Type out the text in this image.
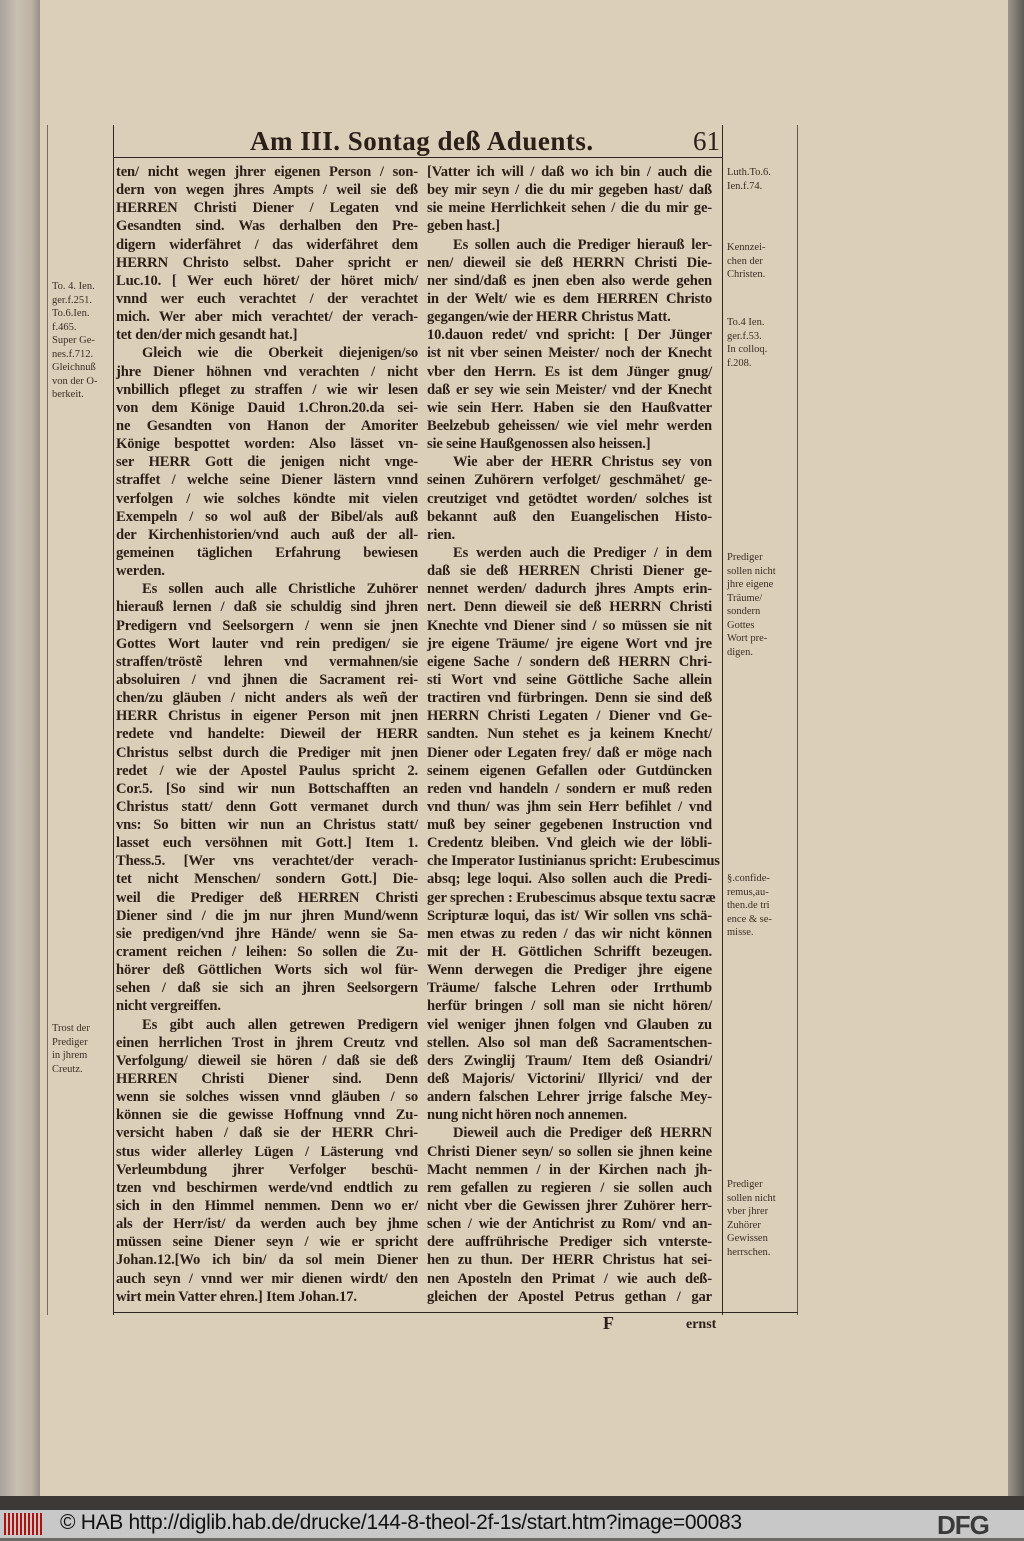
Am III. Sontag deß Aduents.	61
ten/ nicht wegen jhrer eigenen Person / son-
dern von wegen jhres Ampts / weil sie deß
HERREN Christi Diener / Legaten vnd
Gesandten sind. Was derhalben den Pre-
digern widerfähret / das widerfähret dem
HERRN Christo selbst. Daher spricht er
Luc.10. [ Wer euch höret/ der höret mich/
vnnd wer euch verachtet / der verachtet
mich. Wer aber mich verachtet/ der verach-
tet den/der mich gesandt hat.]
Gleich wie die Oberkeit diejenigen/so
jhre Diener höhnen vnd verachten / nicht
vnbillich pfleget zu straffen / wie wir lesen
von dem Könige Dauid 1.Chron.20.da sei-
ne Gesandten von Hanon der Amoriter
Könige bespottet worden: Also lässet vn-
ser HERR Gott die jenigen nicht vnge-
straffet / welche seine Diener lästern vnnd
verfolgen / wie solches köndte mit vielen
Exempeln / so wol auß der Bibel/als auß
der Kirchenhistorien/vnd auch auß der all-
gemeinen täglichen Erfahrung bewiesen
werden.
Es sollen auch alle Christliche Zuhörer
hierauß lernen / daß sie schuldig sind jhren
Predigern vnd Seelsorgern / wenn sie jnen
Gottes Wort lauter vnd rein predigen/ sie
straffen/tröstẽ lehren vnd vermahnen/sie
absoluiren / vnd jhnen die Sacrament rei-
chen/zu gläuben / nicht anders als weñ der
HERR Christus in eigener Person mit jnen
redete vnd handelte: Dieweil der HERR
Christus selbst durch die Prediger mit jnen
redet / wie der Apostel Paulus spricht 2.
Cor.5. [So sind wir nun Bottschafften an
Christus statt/ denn Gott vermanet durch
vns: So bitten wir nun an Christus statt/
lasset euch versöhnen mit Gott.] Item 1.
Thess.5. [Wer vns verachtet/der verach-
tet nicht Menschen/ sondern Gott.] Die-
weil die Prediger deß HERREN Christi
Diener sind / die jm nur jhren Mund/wenn
sie predigen/vnd jhre Hände/ wenn sie Sa-
crament reichen / leihen: So sollen die Zu-
hörer deß Göttlichen Worts sich wol für-
sehen / daß sie sich an jhren Seelsorgern
nicht vergreiffen.
Es gibt auch allen getrewen Predigern
einen herrlichen Trost in jhrem Creutz vnd
Verfolgung/ dieweil sie hören / daß sie deß
HERREN Christi Diener sind. Denn
wenn sie solches wissen vnnd gläuben / so
können sie die gewisse Hoffnung vnnd Zu-
versicht haben / daß sie der HERR Chri-
stus wider allerley Lügen / Lästerung vnd
Verleumbdung jhrer Verfolger beschü-
tzen vnd beschirmen werde/vnd endtlich zu
sich in den Himmel nemmen. Denn wo er/
als der Herr/ist/ da werden auch bey jhme
müssen seine Diener seyn / wie er spricht
Johan.12.[Wo ich bin/ da sol mein Diener
auch seyn / vnnd wer mir dienen wirdt/ den
wirt mein Vatter ehren.] Item Johan.17.
[Vatter ich will / daß wo ich bin / auch die
bey mir seyn / die du mir gegeben hast/ daß
sie meine Herrlichkeit sehen / die du mir ge-
geben hast.]
Es sollen auch die Prediger hierauß ler-
nen/ dieweil sie deß HERRN Christi Die-
ner sind/daß es jnen eben also werde gehen
in der Welt/ wie es dem HERREN Christo
gegangen/wie der HERR Christus Matt.
10.dauon redet/ vnd spricht: [ Der Jünger
ist nit vber seinen Meister/ noch der Knecht
vber den Herrn. Es ist dem Jünger gnug/
daß er sey wie sein Meister/ vnd der Knecht
wie sein Herr. Haben sie den Haußvatter
Beelzebub geheissen/ wie viel mehr werden
sie seine Haußgenossen also heissen.]
Wie aber der HERR Christus sey von
seinen Zuhörern verfolget/ geschmähet/ ge-
creutziget vnd getödtet worden/ solches ist
bekannt auß den Euangelischen Histo-
rien.
Es werden auch die Prediger / in dem
daß sie deß HERREN Christi Diener ge-
nennet werden/ dadurch jhres Ampts erin-
nert. Denn dieweil sie deß HERRN Christi
Knechte vnd Diener sind / so müssen sie nit
jre eigene Träume/ jre eigene Wort vnd jre
eigene Sache / sondern deß HERRN Chri-
sti Wort vnd seine Göttliche Sache allein
tractiren vnd fürbringen. Denn sie sind deß
HERRN Christi Legaten / Diener vnd Ge-
sandten. Nun stehet es ja keinem Knecht/
Diener oder Legaten frey/ daß er möge nach
seinem eigenen Gefallen oder Gutdüncken
reden vnd handeln / sondern er muß reden
vnd thun/ was jhm sein Herr befihlet / vnd
muß bey seiner gegebenen Instruction vnd
Credentz bleiben. Vnd gleich wie der löbli-
che Imperator Iustinianus spricht: Erubescimus
absq; lege loqui. Also sollen auch die Predi-
ger sprechen : Erubescimus absque textu sacræ
Scripturæ loqui, das ist/ Wir sollen vns schä-
men etwas zu reden / das wir nicht können
mit der H. Göttlichen Schrifft bezeugen.
Wenn derwegen die Prediger jhre eigene
Träume/ falsche Lehren oder Irrthumb
herfür bringen / soll man sie nicht hören/
viel weniger jhnen folgen vnd Glauben zu
stellen. Also sol man deß Sacramentschen-
ders Zwinglij Traum/ Item deß Osiandri/
deß Majoris/ Victorini/ Illyrici/ vnd der
andern falschen Lehrer jrrige falsche Mey-
nung nicht hören noch annemen.
Dieweil auch die Prediger deß HERRN
Christi Diener seyn/ so sollen sie jhnen keine
Macht nemmen / in der Kirchen nach jh-
rem gefallen zu regieren / sie sollen auch
nicht vber die Gewissen jhrer Zuhörer herr-
schen / wie der Antichrist zu Rom/ vnd an-
dere auffrührische Prediger sich vnterste-
hen zu thun. Der HERR Christus hat sei-
nen Aposteln den Primat / wie auch deß-
gleichen der Apostel Petrus gethan / gar
To. 4. Ien.
ger.f.251.
To.6.Ien.
f.465.
Super Ge-
nes.f.712.
Gleichnuß
von der O-
berkeit.
Trost der
Prediger
in jhrem
Creutz.
Luth.To.6.
Ien.f.74.
Kennzei-
chen der
Christen.
To.4 Ien.
ger.f.53.
In colloq.
f.208.
Prediger
sollen nicht
jhre eigene
Träume/
sondern
Gottes
Wort pre-
digen.
§.confide-
remus,au-
then.de tri
ence & se-
misse.
Prediger
sollen nicht
vber jhrer
Zuhörer
Gewissen
herrschen.
F	ernst
© HAB http://diglib.hab.de/drucke/144-8-theol-2f-1s/start.htm?image=00083	DFG
